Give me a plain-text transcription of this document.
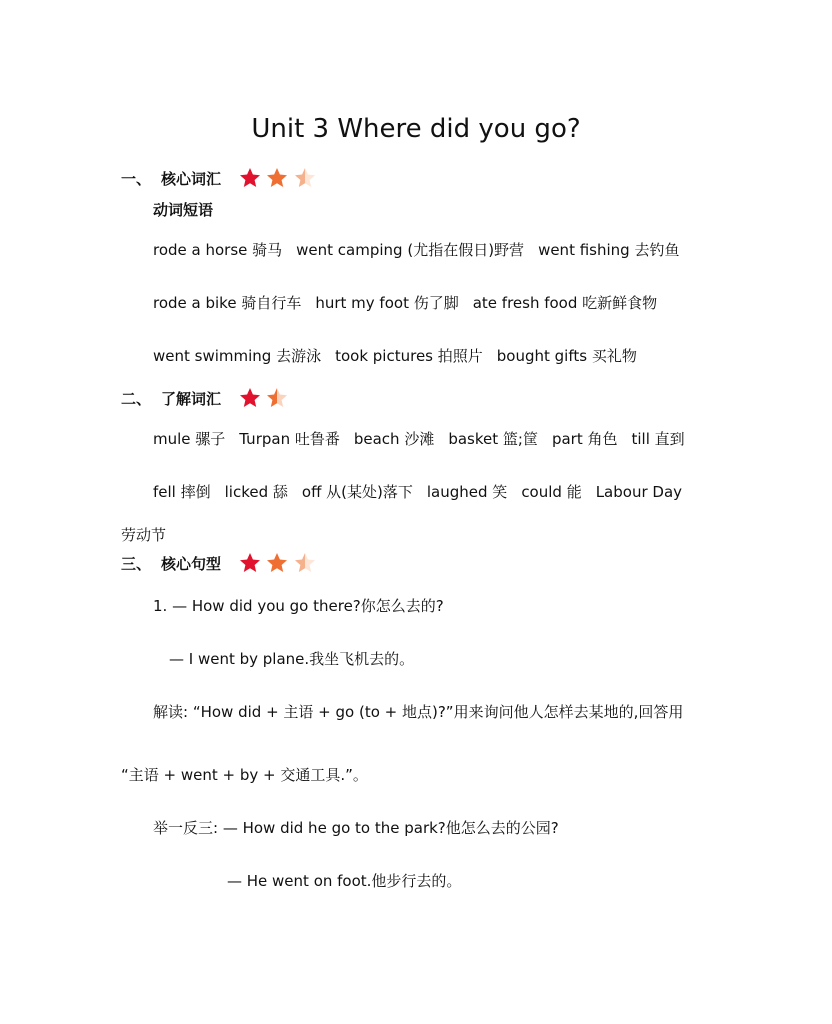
Unit 3 Where did you go?
一、 核心词汇
动词短语
rode a horse 骑马 went camping (尤指在假日)野营 went fishing 去钓鱼
rode a bike 骑自行车 hurt my foot 伤了脚 ate fresh food 吃新鲜食物
went swimming 去游泳 took pictures 拍照片 bought gifts 买礼物
二、 了解词汇
mule 骡子 Turpan 吐鲁番 beach 沙滩 basket 篮;筐 part 角色 till 直到
fell 摔倒 licked 舔 off 从(某处)落下 laughed 笑 could 能 Labour Day
劳动节
三、 核心句型
1. — How did you go there?你怎么去的?
— I went by plane.我坐飞机去的。
解读: “How did + 主语 + go (to + 地点)?”用来询问他人怎样去某地的,回答用
“主语 + went + by + 交通工具.”。
举一反三: — How did he go to the park?他怎么去的公园?
— He went on foot.他步行去的。
